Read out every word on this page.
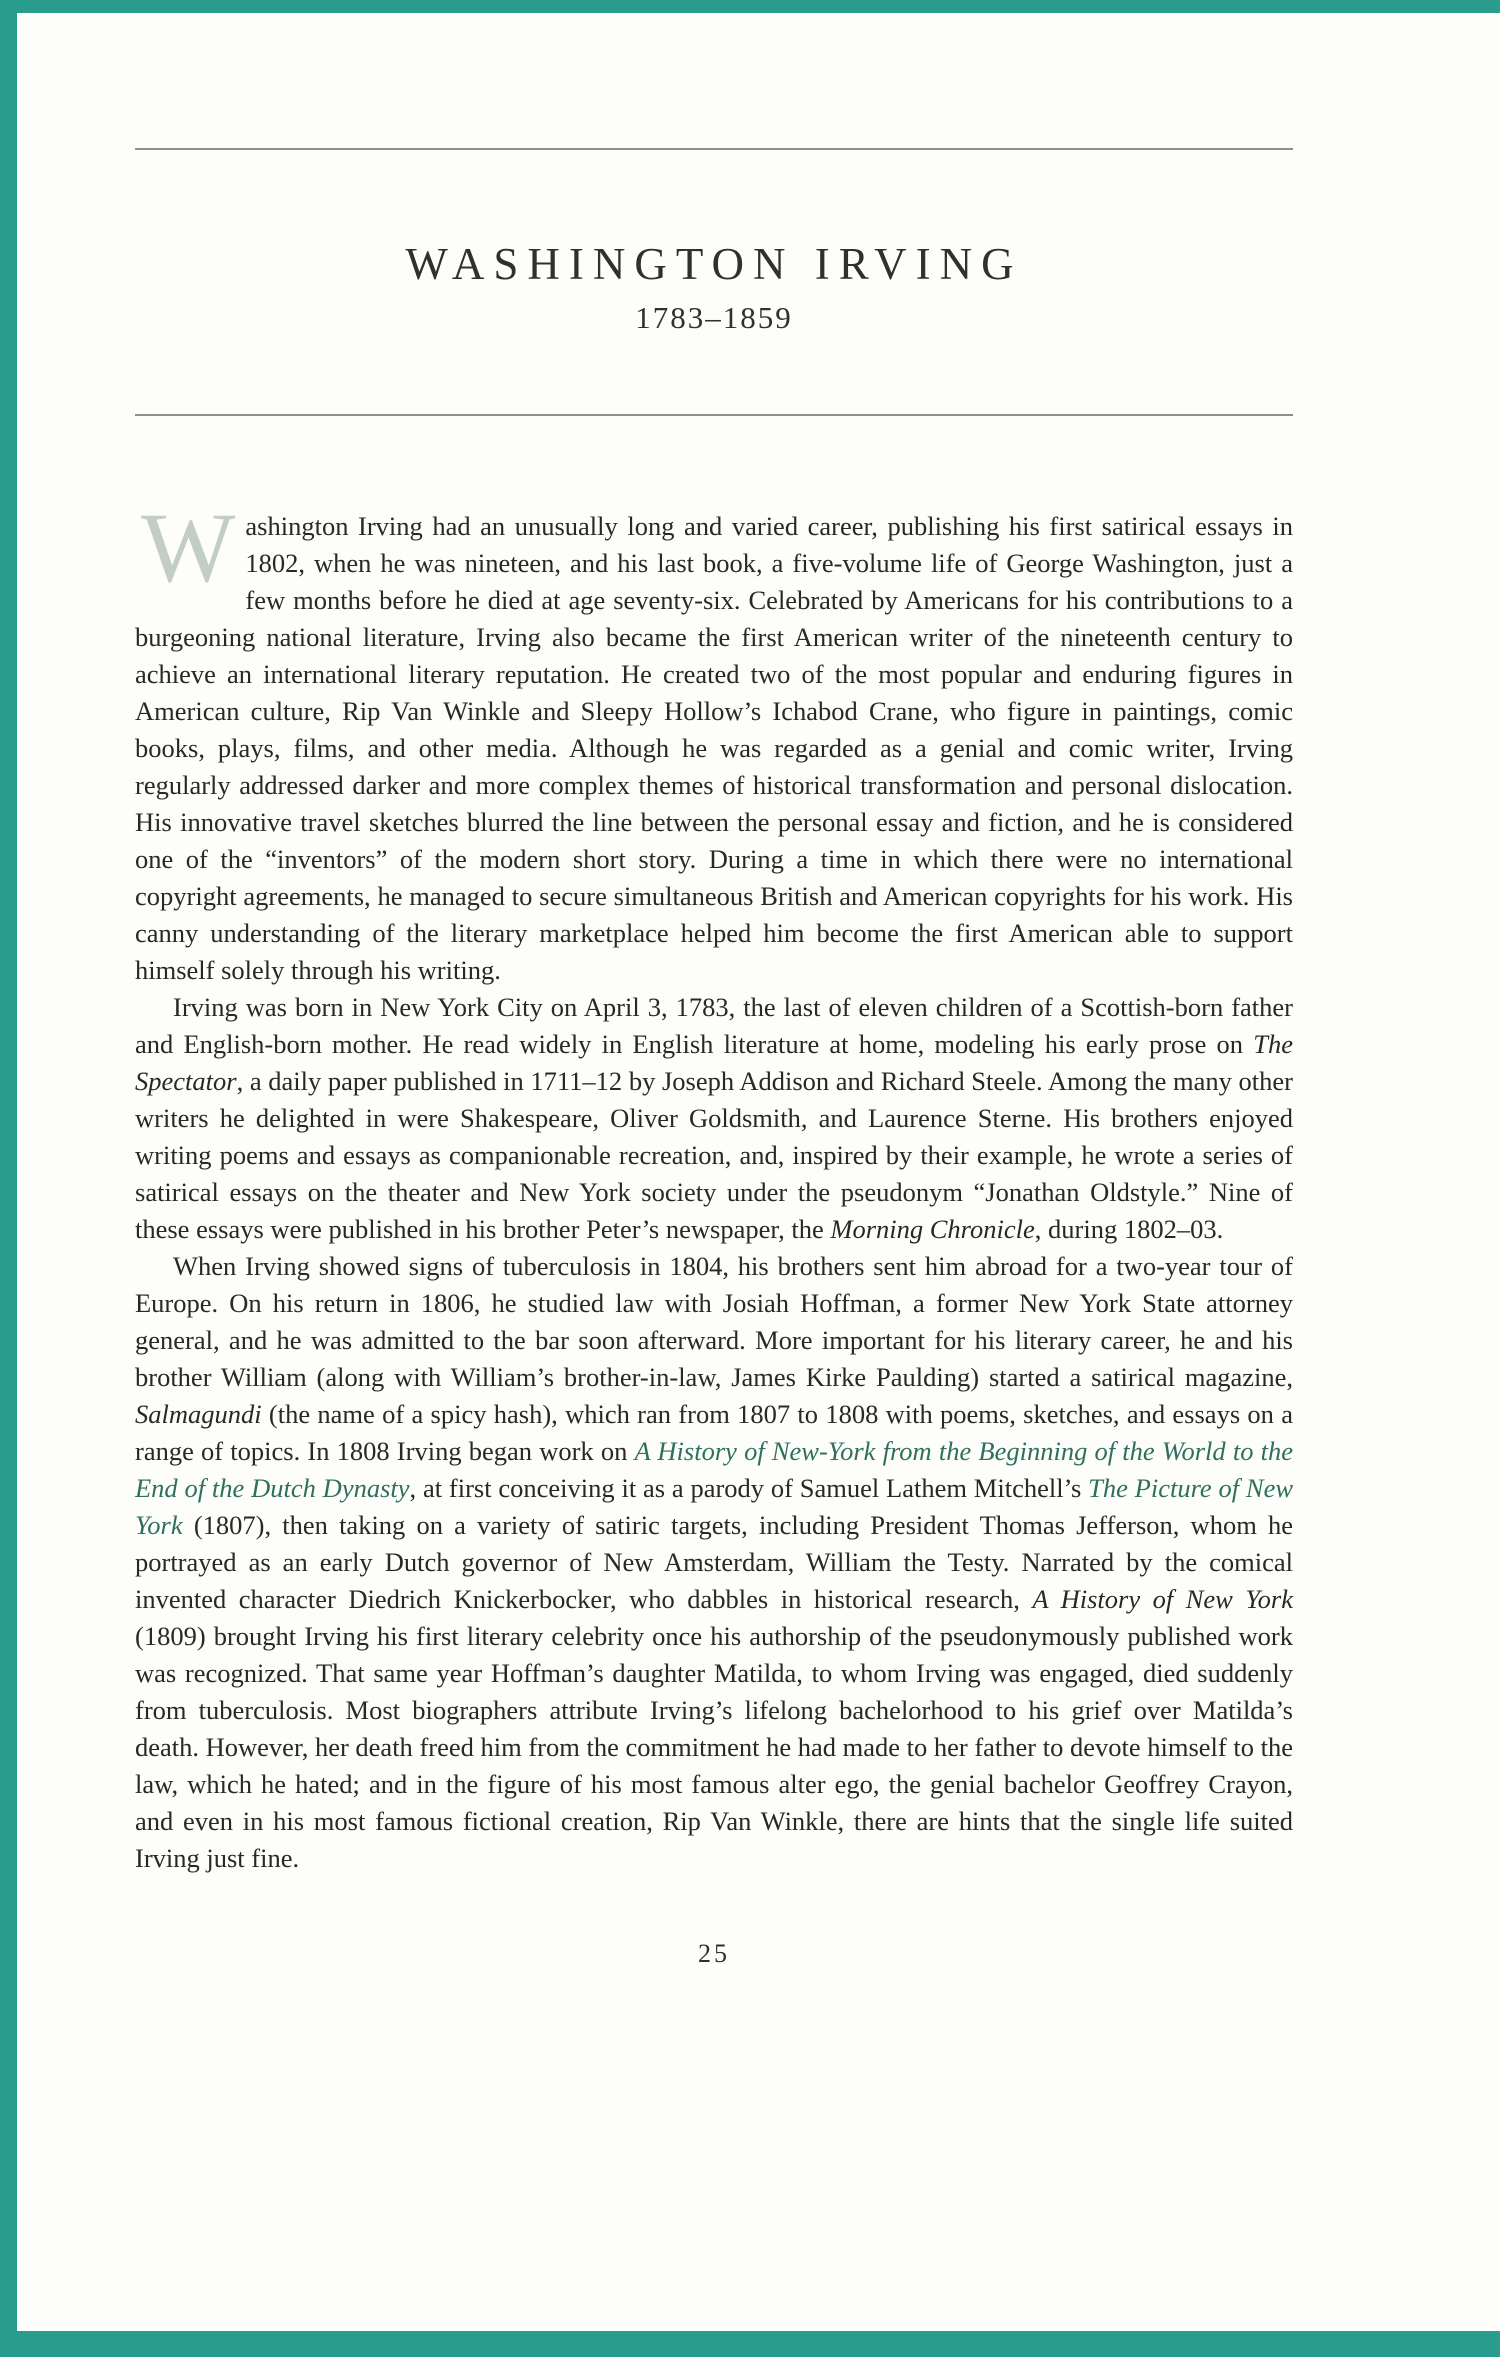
WASHINGTON IRVING
1783–1859

Washington Irving had an unusually long and varied career, publishing his first satirical essays in 1802, when he was nineteen, and his last book, a five-volume life of George Washington, just a few months before he died at age seventy-six. Celebrated by Americans for his contributions to a burgeoning national literature, Irving also became the first American writer of the nineteenth century to achieve an international literary reputation. He created two of the most popular and enduring figures in American culture, Rip Van Winkle and Sleepy Hollow’s Ichabod Crane, who figure in paintings, comic books, plays, films, and other media. Although he was regarded as a genial and comic writer, Irving regularly addressed darker and more complex themes of historical transformation and personal dislocation. His innovative travel sketches blurred the line between the personal essay and fiction, and he is considered one of the “inventors” of the modern short story. During a time in which there were no international copyright agreements, he managed to secure simultaneous British and American copyrights for his work. His canny understanding of the literary marketplace helped him become the first American able to support himself solely through his writing.

Irving was born in New York City on April 3, 1783, the last of eleven children of a Scottish-born father and English-born mother. He read widely in English literature at home, modeling his early prose on The Spectator, a daily paper published in 1711–12 by Joseph Addison and Richard Steele. Among the many other writers he delighted in were Shakespeare, Oliver Goldsmith, and Laurence Sterne. His brothers enjoyed writing poems and essays as companionable recreation, and, inspired by their example, he wrote a series of satirical essays on the theater and New York society under the pseudonym “Jonathan Oldstyle.” Nine of these essays were published in his brother Peter’s newspaper, the Morning Chronicle, during 1802–03.

When Irving showed signs of tuberculosis in 1804, his brothers sent him abroad for a two-year tour of Europe. On his return in 1806, he studied law with Josiah Hoffman, a former New York State attorney general, and he was admitted to the bar soon afterward. More important for his literary career, he and his brother William (along with William’s brother-in-law, James Kirke Paulding) started a satirical magazine, Salmagundi (the name of a spicy hash), which ran from 1807 to 1808 with poems, sketches, and essays on a range of topics. In 1808 Irving began work on A History of New-York from the Beginning of the World to the End of the Dutch Dynasty, at first conceiving it as a parody of Samuel Lathem Mitchell’s The Picture of New York (1807), then taking on a variety of satiric targets, including President Thomas Jefferson, whom he portrayed as an early Dutch governor of New Amsterdam, William the Testy. Narrated by the comical invented character Diedrich Knickerbocker, who dabbles in historical research, A History of New York (1809) brought Irving his first literary celebrity once his authorship of the pseudonymously published work was recognized. That same year Hoffman’s daughter Matilda, to whom Irving was engaged, died suddenly from tuberculosis. Most biographers attribute Irving’s lifelong bachelorhood to his grief over Matilda’s death. However, her death freed him from the commitment he had made to her father to devote himself to the law, which he hated; and in the figure of his most famous alter ego, the genial bachelor Geoffrey Crayon, and even in his most famous fictional creation, Rip Van Winkle, there are hints that the single life suited Irving just fine.

25
